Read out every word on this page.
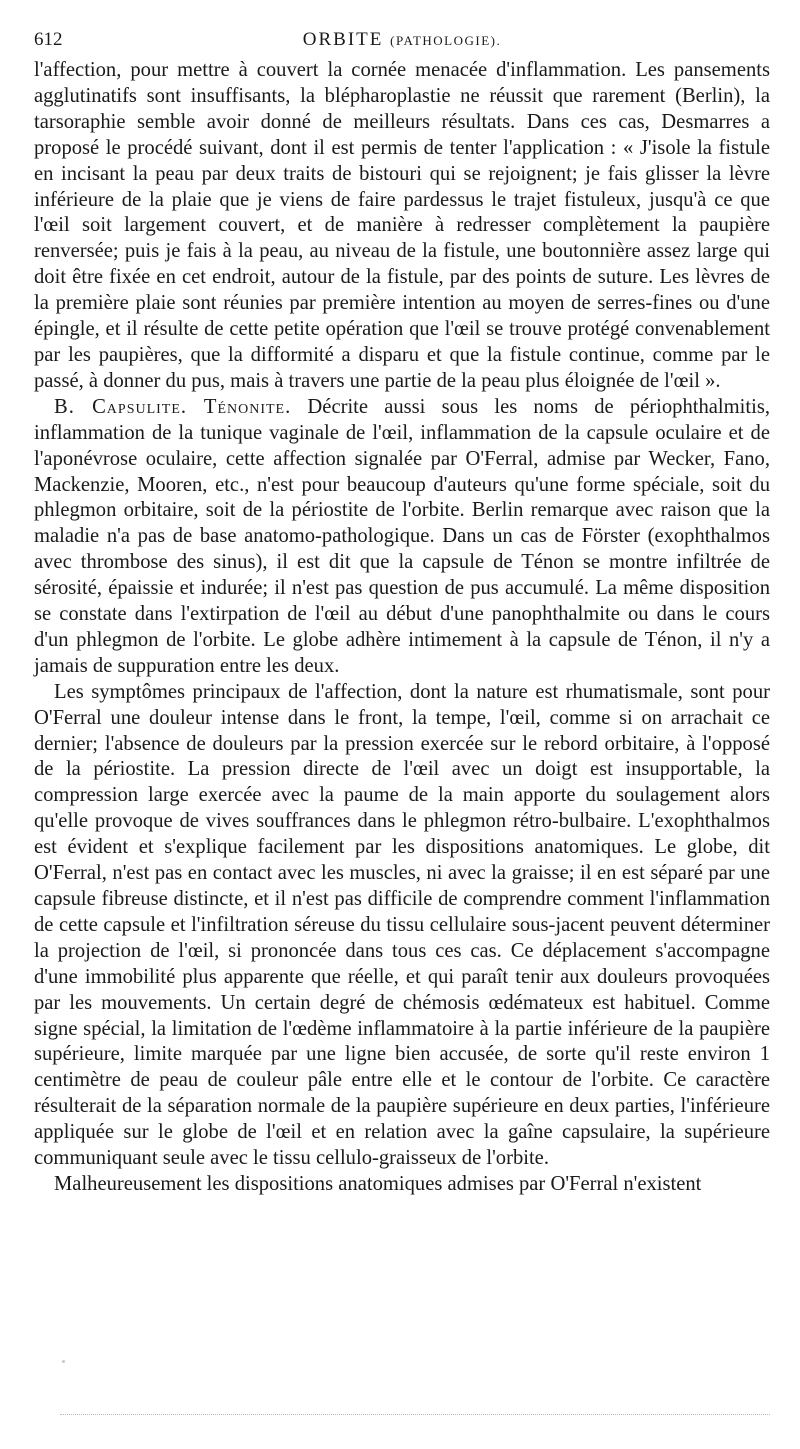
612	ORBITE (PATHOLOGIE).

l'affection, pour mettre à couvert la cornée menacée d'inflammation. Les pansements agglutinatifs sont insuffisants, la blépharoplastie ne réussit que rarement (Berlin), la tarsoraphie semble avoir donné de meilleurs résultats. Dans ces cas, Desmarres a proposé le procédé suivant, dont il est permis de tenter l'application : « J'isole la fistule en incisant la peau par deux traits de bistouri qui se rejoignent; je fais glisser la lèvre inférieure de la plaie que je viens de faire pardessus le trajet fistuleux, jusqu'à ce que l'œil soit largement couvert, et de manière à redresser complètement la paupière renversée; puis je fais à la peau, au niveau de la fistule, une boutonnière assez large qui doit être fixée en cet endroit, autour de la fistule, par des points de suture. Les lèvres de la première plaie sont réunies par première intention au moyen de serres-fines ou d'une épingle, et il résulte de cette petite opération que l'œil se trouve protégé convenablement par les paupières, que la difformité a disparu et que la fistule continue, comme par le passé, à donner du pus, mais à travers une partie de la peau plus éloignée de l'œil ».

B. Capsulite. Ténonite. Décrite aussi sous les noms de périophthalmitis, inflammation de la tunique vaginale de l'œil, inflammation de la capsule oculaire et de l'aponévrose oculaire, cette affection signalée par O'Ferral, admise par Wecker, Fano, Mackenzie, Mooren, etc., n'est pour beaucoup d'auteurs qu'une forme spéciale, soit du phlegmon orbitaire, soit de la périostite de l'orbite. Berlin remarque avec raison que la maladie n'a pas de base anatomo-pathologique. Dans un cas de Förster (exophthalmos avec thrombose des sinus), il est dit que la capsule de Ténon se montre infiltrée de sérosité, épaissie et indurée; il n'est pas question de pus accumulé. La même disposition se constate dans l'extirpation de l'œil au début d'une panophthalmite ou dans le cours d'un phlegmon de l'orbite. Le globe adhère intimement à la capsule de Ténon, il n'y a jamais de suppuration entre les deux.

Les symptômes principaux de l'affection, dont la nature est rhumatismale, sont pour O'Ferral une douleur intense dans le front, la tempe, l'œil, comme si on arrachait ce dernier; l'absence de douleurs par la pression exercée sur le rebord orbitaire, à l'opposé de la périostite. La pression directe de l'œil avec un doigt est insupportable, la compression large exercée avec la paume de la main apporte du soulagement alors qu'elle provoque de vives souffrances dans le phlegmon rétro-bulbaire. L'exophthalmos est évident et s'explique facilement par les dispositions anatomiques. Le globe, dit O'Ferral, n'est pas en contact avec les muscles, ni avec la graisse; il en est séparé par une capsule fibreuse distincte, et il n'est pas difficile de comprendre comment l'inflammation de cette capsule et l'infiltration séreuse du tissu cellulaire sous-jacent peuvent déterminer la projection de l'œil, si prononcée dans tous ces cas. Ce déplacement s'accompagne d'une immobilité plus apparente que réelle, et qui paraît tenir aux douleurs provoquées par les mouvements. Un certain degré de chémosis œdémateux est habituel. Comme signe spécial, la limitation de l'œdème inflammatoire à la partie inférieure de la paupière supérieure, limite marquée par une ligne bien accusée, de sorte qu'il reste environ 1 centimètre de peau de couleur pâle entre elle et le contour de l'orbite. Ce caractère résulterait de la séparation normale de la paupière supérieure en deux parties, l'inférieure appliquée sur le globe de l'œil et en relation avec la gaîne capsulaire, la supérieure communiquant seule avec le tissu cellulo-graisseux de l'orbite.

Malheureusement les dispositions anatomiques admises par O'Ferral n'existent
